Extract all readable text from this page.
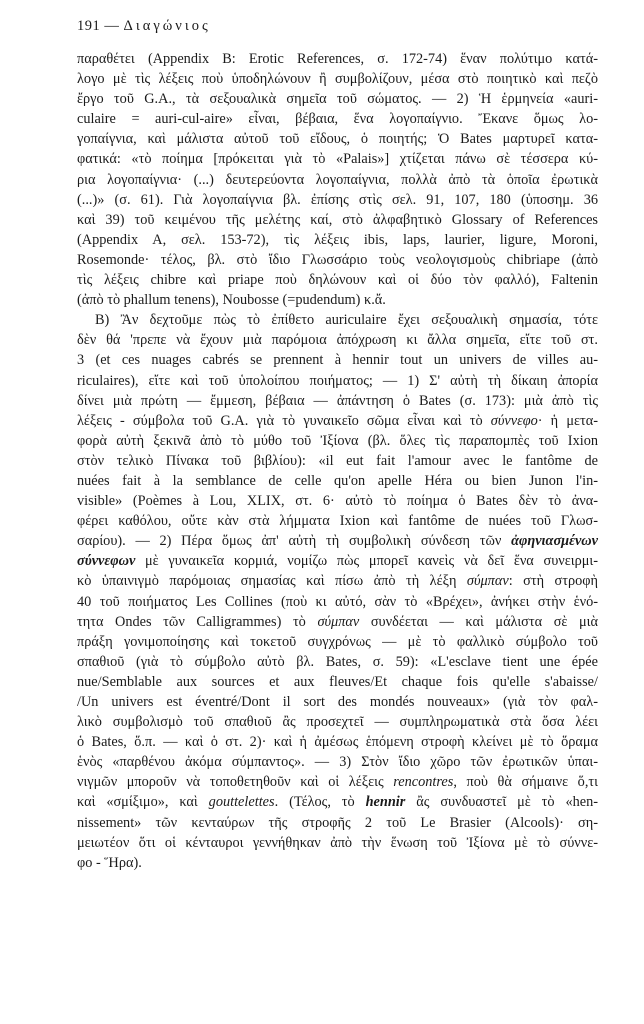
191 — Διαγώνιος
παραθέτει (Appendix B: Erotic References, σ. 172-74) ἕναν πολύτιμο κατά-
λογο μὲ τὶς λέξεις ποὺ ὑποδηλώνουν ἢ συμβολίζουν, μέσα στὸ ποιητικὸ καὶ πεζὸ
ἔργο τοῦ G.A., τὰ σεξουαλικὰ σημεῖα τοῦ σώματος. — 2) Ἡ ἑρμηνεία «auri-
culaire = auri-cul-aire» εἶναι, βέβαια, ἕνα λογοπαίγνιο. Ἔκανε ὅμως λο-
γοπαίγνια, καὶ μάλιστα αὐτοῦ τοῦ εἴδους, ὁ ποιητής; Ὁ Bates μαρτυρεῖ κατα-
φατικά: «τὸ ποίημα [πρόκειται γιὰ τὸ «Palais»] χτίζεται πάνω σὲ τέσσερα κύ-
ρια λογοπαίγνια· (...) δευτερεύοντα λογοπαίγνια, πολλὰ ἀπὸ τὰ ὁποῖα ἐρωτικὰ
(...)» (σ. 61). Γιὰ λογοπαίγνια βλ. ἐπίσης στὶς σελ. 91, 107, 180 (ὑποσημ. 36
καὶ 39) τοῦ κειμένου τῆς μελέτης καί, στὸ ἀλφαβητικὸ Glossary of References
(Appendix A, σελ. 153-72), τὶς λέξεις ibis, laps, laurier, ligure, Moroni,
Rosemonde· τέλος, βλ. στὸ ἴδιο Γλωσσάριο τοὺς νεολογισμοὺς chibriape (ἀπὸ
τὶς λέξεις chibre καὶ priape ποὺ δηλώνουν καὶ οἱ δύο τὸν φαλλό), Faltenin
(ἀπὸ τὸ phallum tenens), Noubosse (=pudendum) κ.ἄ.
B) Ἂν δεχτοῦμε πὼς τὸ ἐπίθετο auriculaire ἔχει σεξουαλικὴ σημασία, τότε
δὲν θά 'πρεπε νὰ ἔχουν μιὰ παρόμοια ἀπόχρωση κι ἄλλα σημεῖα, εἴτε τοῦ στ.
3 (et ces nuages cabrés se prennent à hennir tout un univers de villes au-
riculaires), εἴτε καὶ τοῦ ὑπολοίπου ποιήματος; — 1) Σ' αὐτὴ τὴ δίκαιη ἀπορία
δίνει μιὰ πρώτη — ἔμμεση, βέβαια — ἀπάντηση ὁ Bates (σ. 173): μιὰ ἀπὸ τὶς
λέξεις - σύμβολα τοῦ G.A. γιὰ τὸ γυναικεῖο σῶμα εἶναι καὶ τὸ σύννεφο· ἡ μετα-
φορὰ αὐτὴ ξεκινᾶ ἀπὸ τὸ μύθο τοῦ Ἰξίονα (βλ. ὅλες τὶς παραπομπὲς τοῦ Ixion
στὸν τελικὸ Πίνακα τοῦ βιβλίου): «il eut fait l'amour avec le fantôme de
nuées fait à la semblance de celle qu'on apelle Héra ou bien Junon l'in-
visible» (Poèmes à Lou, XLIX, στ. 6· αὐτὸ τὸ ποίημα ὁ Bates δὲν τὸ ἀνα-
φέρει καθόλου, οὔτε κὰν στὰ λήμματα Ixion καὶ fantôme de nuées τοῦ Γλωσ-
σαρίου). — 2) Πέρα ὅμως ἀπ' αὐτὴ τὴ συμβολικὴ σύνδεση τῶν ἀφηνιασμένων
σύννεφων μὲ γυναικεῖα κορμιά, νομίζω πὼς μπορεῖ κανεὶς νὰ δεῖ ἕνα συνειρμι-
κὸ ὑπαινιγμὸ παρόμοιας σημασίας καὶ πίσω ἀπὸ τὴ λέξη σύμπαν: στὴ στροφὴ
40 τοῦ ποιήματος Les Collines (ποὺ κι αὐτό, σὰν τὸ «Βρέχει», ἀνήκει στὴν ἑνό-
τητα Ondes τῶν Calligrammes) τὸ σύμπαν συνδέεται — καὶ μάλιστα σὲ μιὰ
πράξη γονιμοποίησης καὶ τοκετοῦ συγχρόνως — μὲ τὸ φαλλικὸ σύμβολο τοῦ
σπαθιοῦ (γιὰ τὸ σύμβολο αὐτὸ βλ. Bates, σ. 59): «L'esclave tient une épée
nue/Semblable aux sources et aux fleuves/Et chaque fois qu'elle s'abaisse/
/Un univers est éventré/Dont il sort des mondés nouveaux» (γιὰ τὸν φαλ-
λικὸ συμβολισμὸ τοῦ σπαθιοῦ ἂς προσεχτεῖ — συμπληρωματικὰ στὰ ὅσα λέει
ὁ Bates, ὅ.π. — καὶ ὁ στ. 2)· καὶ ἡ ἀμέσως ἑπόμενη στροφὴ κλείνει μὲ τὸ ὅραμα
ἑνὸς «παρθένου ἀκόμα σύμπαντος». — 3) Στὸν ἴδιο χῶρο τῶν ἐρωτικῶν ὑπαι-
νιγμῶν μποροῦν νὰ τοποθετηθοῦν καὶ οἱ λέξεις rencontres, ποὺ θὰ σήμαινε ὅ,τι
καὶ «σμίξιμο», καὶ gouttelettes. (Τέλος, τὸ hennir ἂς συνδυαστεῖ μὲ τὸ «hen-
nissement» τῶν κενταύρων τῆς στροφῆς 2 τοῦ Le Brasier (Alcools)· ση-
μειωτέον ὅτι οἱ κένταυροι γεννήθηκαν ἀπὸ τὴν ἕνωση τοῦ Ἰξίονα μὲ τὸ σύννε-
φο - Ἥρα).
